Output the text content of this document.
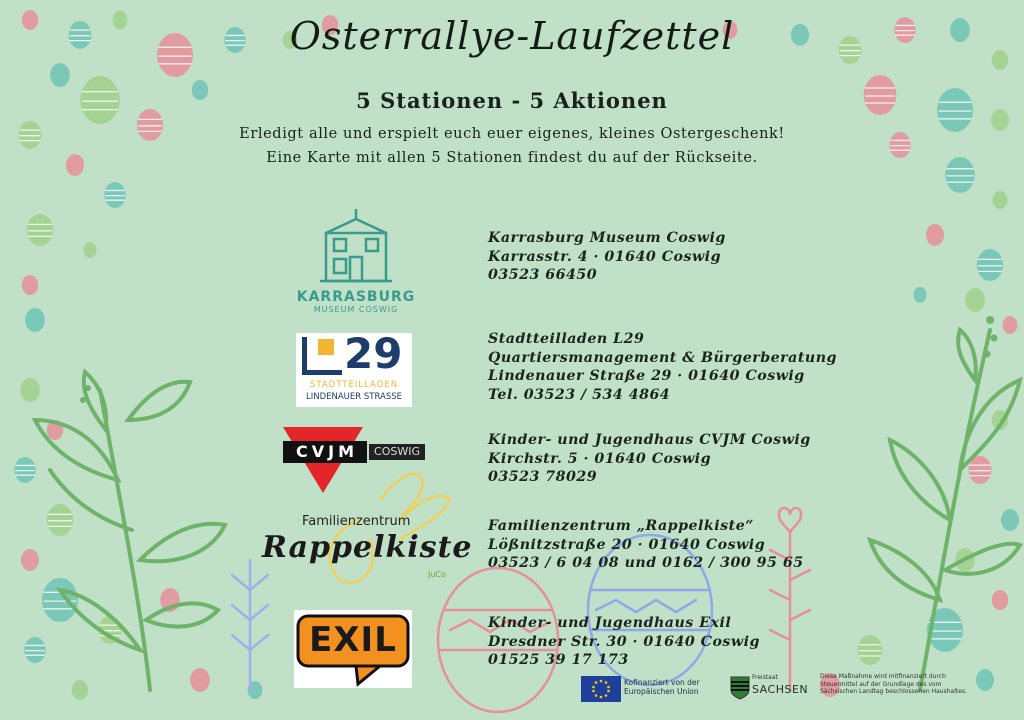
Osterrallye-Laufzettel
5 Stationen - 5 Aktionen
Erledigt alle und erspielt euch euer eigenes, kleines Ostergeschenk!
Eine Karte mit allen 5 Stationen findest du auf der Rückseite.
KARRASBURG
MUSEUM COSWIG
29
STADTTEILLADEN
LINDENAUER STRASSE
CVJM	COSWIG
Familienzentrum
Rappelkiste
JuCo
EXIL
Karrasburg Museum Coswig
Karrasstr. 4 · 01640 Coswig
03523 66450
Stadtteilladen L29
Quartiersmanagement & Bürgerberatung
Lindenauer Straße 29 · 01640 Coswig
Tel. 03523 / 534 4864
Kinder- und Jugendhaus CVJM Coswig
Kirchstr. 5 · 01640 Coswig
03523 78029
Familienzentrum „Rappelkiste“
Lößnitzstraße 20 · 01640 Coswig
03523 / 6 04 08 und 0162 / 300 95 65
Kinder- und Jugendhaus Exil
Dresdner Str. 30 · 01640 Coswig
01525 39 17 173
Kofinanziert von der
Europäischen Union
Freistaat
SACHSEN
Diese Maßnahme wird mitfinanziert durch Steuermittel auf der Grundlage des vom Sächsischen Landtag beschlossenen Haushaltes.
